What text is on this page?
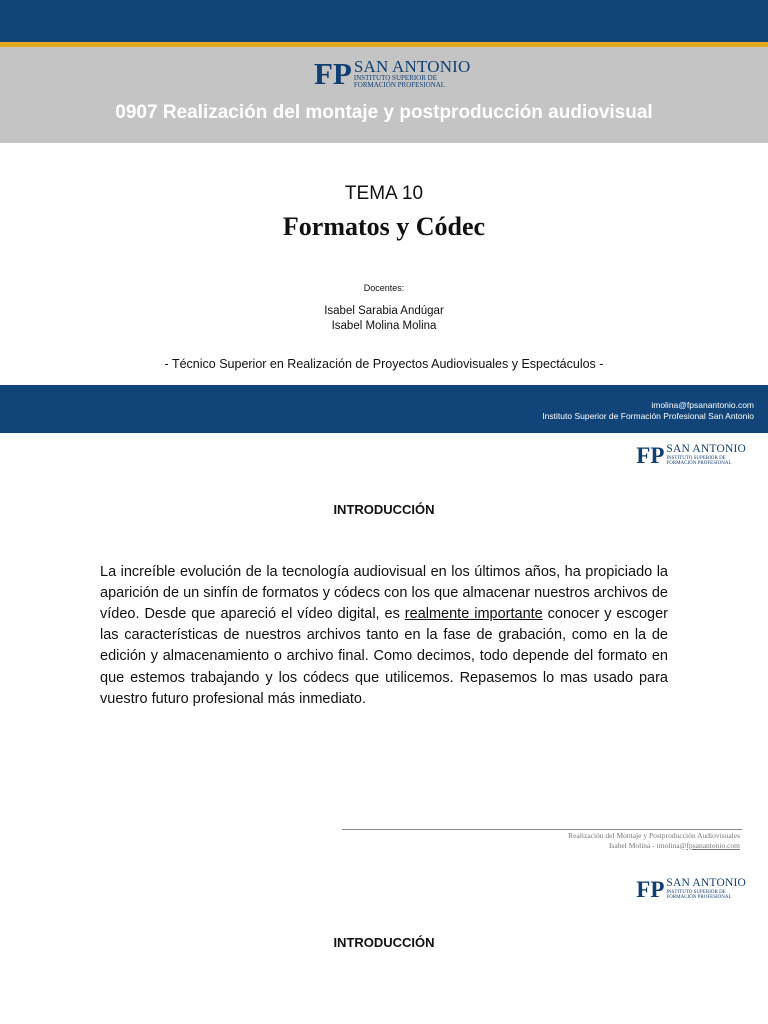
FP SAN ANTONIO
INSTITUTO SUPERIOR DE
FORMACIÓN PROFESIONAL
0907 Realización del montaje y postproducción audiovisual
TEMA 10
Formatos y Códec
Docentes:
Isabel Sarabia Andúgar
Isabel Molina Molina
- Técnico Superior en Realización de Proyectos Audiovisuales y Espectáculos -
imolina@fpsanantonio.com
Instituto Superior de Formación Profesional San Antonio
FP SAN ANTONIO
INSTITUTO SUPERIOR DE
FORMACIÓN PROFESIONAL
INTRODUCCIÓN

La increíble evolución de la tecnología audiovisual en los últimos años, ha propiciado la aparición de un sinfín de formatos y códecs con los que almacenar nuestros archivos de vídeo. Desde que apareció el vídeo digital, es realmente importante conocer y escoger las características de nuestros archivos tanto en la fase de grabación, como en la de edición y almacenamiento o archivo final. Como decimos, todo depende del formato en que estemos trabajando y los códecs que utilicemos. Repasemos lo mas usado para vuestro futuro profesional más inmediato.

Realización del Montaje y Postproducción Audiovisuales
Isabel Molina - imolina@fpsanantonio.com
FP SAN ANTONIO
INSTITUTO SUPERIOR DE
FORMACIÓN PROFESIONAL
INTRODUCCIÓN
